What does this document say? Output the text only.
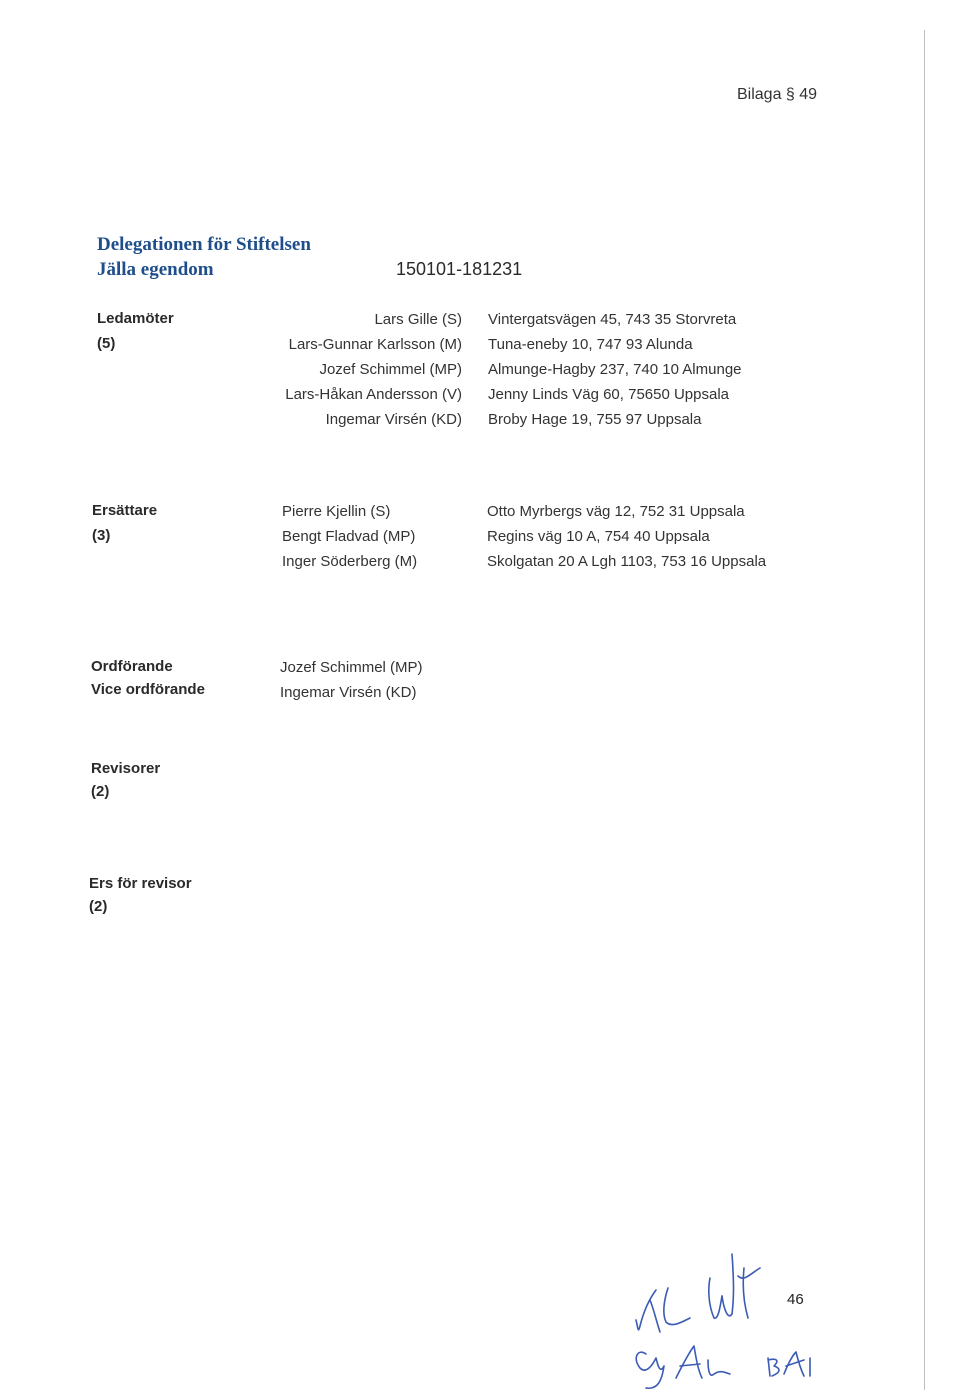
Bilaga § 49
Delegationen för Stiftelsen
Jälla egendom	150101-181231
Ledamöter
(5)
Lars Gille (S)
Lars-Gunnar Karlsson (M)
Jozef Schimmel (MP)
Lars-Håkan Andersson (V)
Ingemar Virsén (KD)
Vintergatsvägen 45, 743 35 Storvreta
Tuna-eneby 10, 747 93 Alunda
Almunge-Hagby 237, 740 10 Almunge
Jenny Linds Väg 60, 75650 Uppsala
Broby Hage 19, 755 97 Uppsala
Ersättare
(3)
Pierre Kjellin (S)
Bengt Fladvad (MP)
Inger Söderberg (M)
Otto Myrbergs väg 12, 752 31 Uppsala
Regins väg 10 A, 754 40 Uppsala
Skolgatan 20 A Lgh 1103, 753 16 Uppsala
Ordförande
Vice ordförande
Jozef Schimmel (MP)
Ingemar Virsén (KD)
Revisorer
(2)
Ers för revisor
(2)
46
